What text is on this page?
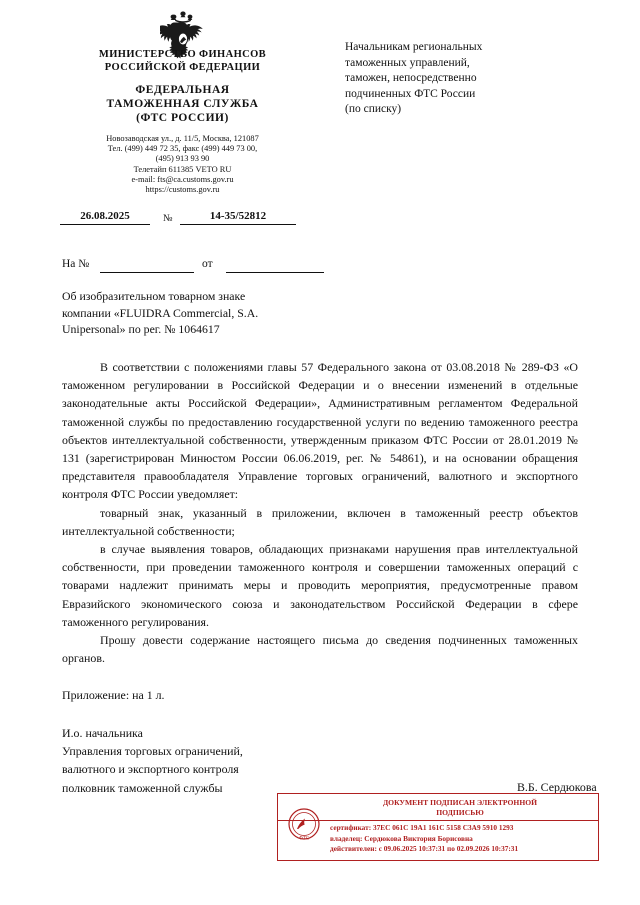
МИНИСТЕРСТВО ФИНАНСОВ
РОССИЙСКОЙ ФЕДЕРАЦИИ
ФЕДЕРАЛЬНАЯ
ТАМОЖЕННАЯ СЛУЖБА
(ФТС РОССИИ)
Новозаводская ул., д. 11/5, Москва, 121087
Тел. (499) 449 72 35, факс (499) 449 73 00,
(495) 913 93 90
Телетайп 611385 VETO RU
e-mail: fts@ca.customs.gov.ru
https://customs.gov.ru
Начальникам региональных
таможенных управлений,
таможен, непосредственно
подчиненных ФТС России
(по списку)
26.08.2025	№	14-35/52812
На №	от
Об изобразительном товарном знаке
компании «FLUIDRA Commercial, S.A.
Unipersonal» по рег. № 1064617

В соответствии с положениями главы 57 Федерального закона от 03.08.2018 № 289-ФЗ «О таможенном регулировании в Российской Федерации и о внесении изменений в отдельные законодательные акты Российской Федерации», Административным регламентом Федеральной таможенной службы по предоставлению государственной услуги по ведению таможенного реестра объектов интеллектуальной собственности, утвержденным приказом ФТС России от 28.01.2019 № 131 (зарегистрирован Минюстом России 06.06.2019, рег. № 54861), и на основании обращения представителя правообладателя Управление торговых ограничений, валютного и экспортного контроля ФТС России уведомляет:

товарный знак, указанный в приложении, включен в таможенный реестр объектов интеллектуальной собственности;

в случае выявления товаров, обладающих признаками нарушения прав интеллектуальной собственности, при проведении таможенного контроля и совершении таможенных операций с товарами надлежит принимать меры и проводить мероприятия, предусмотренные правом Евразийского экономического союза и законодательством Российской Федерации в сфере таможенного регулирования.

Прошу довести содержание настоящего письма до сведения подчиненных таможенных органов.

Приложение: на 1 л.
И.о. начальника
Управления торговых ограничений,
валютного и экспортного контроля
полковник таможенной службы	В.Б. Сердюкова
ФТС
ДОКУМЕНТ ПОДПИСАН ЭЛЕКТРОННОЙ
ПОДПИСЬЮ
сертификат: 37EC 061C 19A1 161C 5158 C3A9 5910 1293
владелец: Сердюкова Виктория Борисовна
действителен: с 09.06.2025 10:37:31 по 02.09.2026 10:37:31
